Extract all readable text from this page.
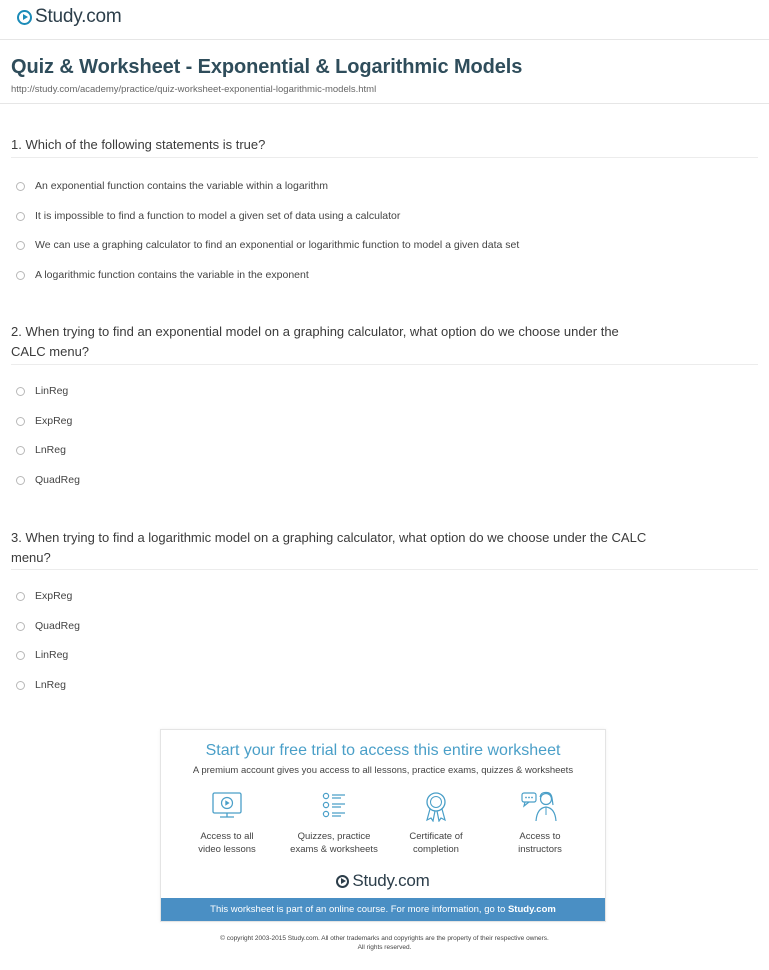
Study.com
Quiz & Worksheet - Exponential & Logarithmic Models
http://study.com/academy/practice/quiz-worksheet-exponential-logarithmic-models.html
1. Which of the following statements is true?
An exponential function contains the variable within a logarithm
It is impossible to find a function to model a given set of data using a calculator
We can use a graphing calculator to find an exponential or logarithmic function to model a given data set
A logarithmic function contains the variable in the exponent
2. When trying to find an exponential model on a graphing calculator, what option do we choose under the CALC menu?
LinReg
ExpReg
LnReg
QuadReg
3. When trying to find a logarithmic model on a graphing calculator, what option do we choose under the CALC menu?
ExpReg
QuadReg
LinReg
LnReg
Start your free trial to access this entire worksheet
A premium account gives you access to all lessons, practice exams, quizzes & worksheets
Access to all
video lessons
Quizzes, practice
exams & worksheets
Certificate of
completion
Access to
instructors
Study.com
This worksheet is part of an online course. For more information, go to Study.com
© copyright 2003-2015 Study.com. All other trademarks and copyrights are the property of their respective owners.
All rights reserved.
